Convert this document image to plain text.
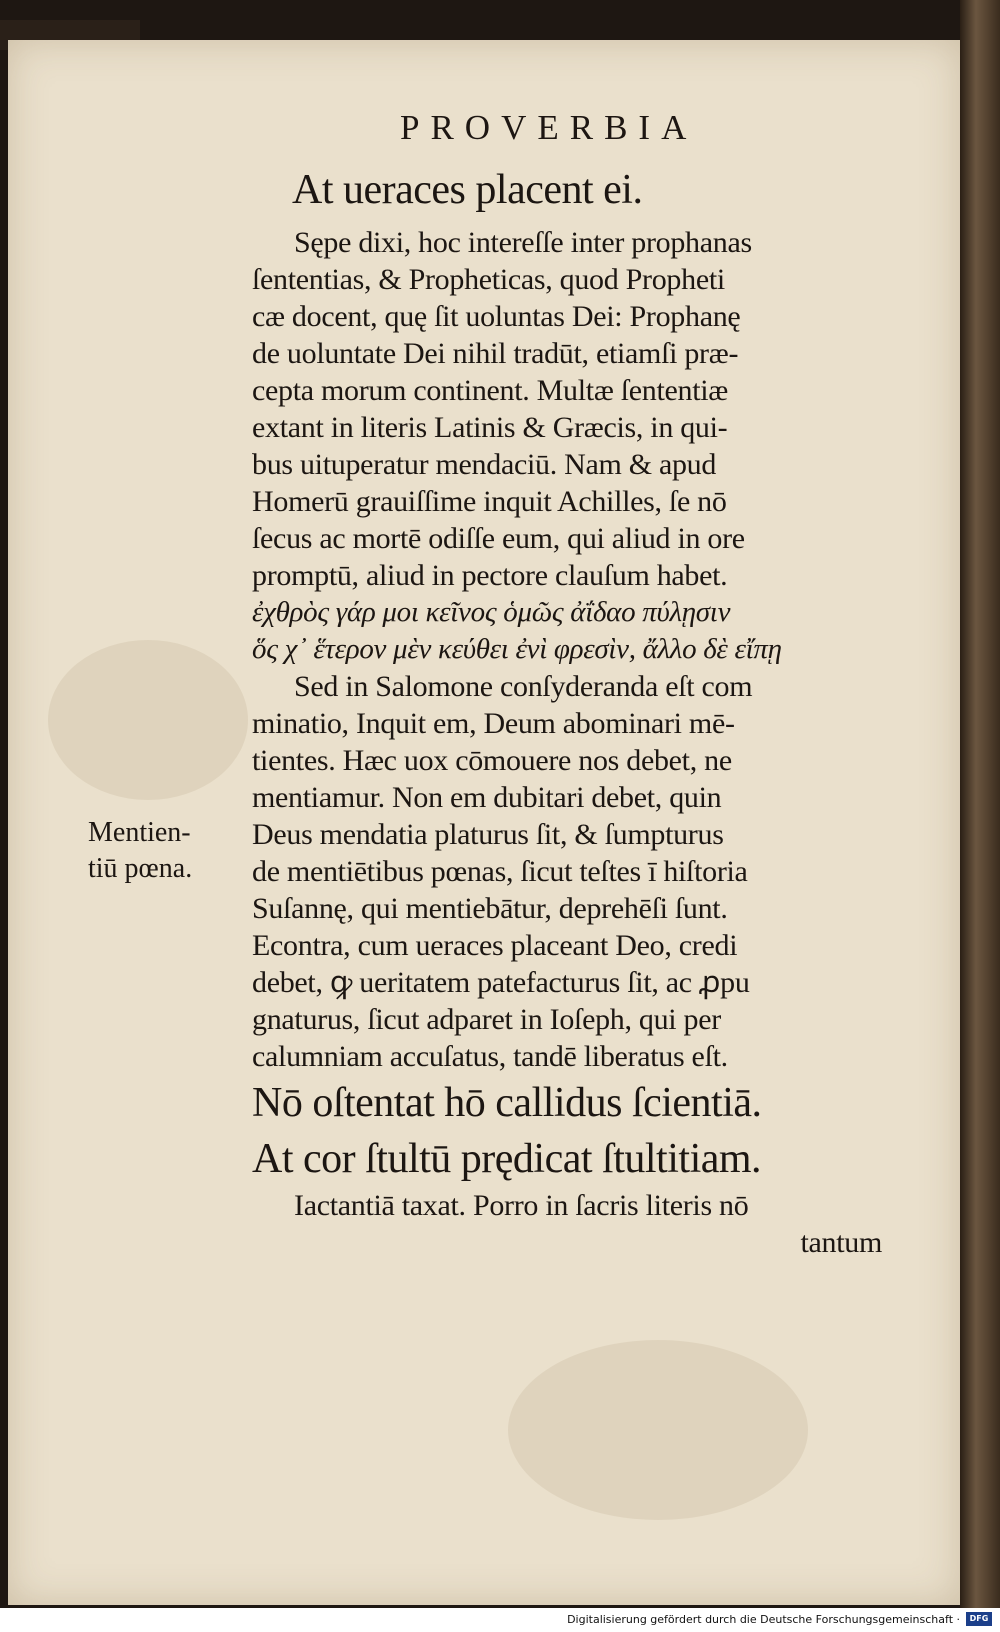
PROVERBIA
At ueraces placent ei.
Sępe dixi, hoc intereſſe inter prophanas
ſententias, & Propheticas, quod Propheti
cæ docent, quę ſit uoluntas Dei: Prophanę
de uoluntate Dei nihil tradūt, etiamſi præ-
cepta morum continent. Multæ ſententiæ
extant in literis Latinis & Græcis, in qui-
bus uituperatur mendaciū. Nam & apud
Homerū grauiſſime inquit Achilles, ſe nō
ſecus ac mortē odiſſe eum, qui aliud in ore
promptū, aliud in pectore clauſum habet.
ἐχθρὸς γάρ μοι κεῖνος ὁμῶς ἀΐδαο πύλῃσιν
ὅς χ᾽ ἕτερον μὲν κεύθει ἐνὶ φρεσὶν, ἄλλο δὲ εἴπῃ
Sed in Salomone conſyderanda eſt com
minatio, Inquit em, Deum abominari mē-
tientes. Hæc uox cōmouere nos debet, ne
mentiamur. Non em dubitari debet, quin
Deus mendatia platurus ſit, & ſumpturus
de mentiētibus pœnas, ſicut teſtes ī hiſtoria
Suſannę, qui mentiebātur, deprehēſi ſunt.
Econtra, cum ueraces placeant Deo, credi
debet, ꝙ ueritatem patefacturus ſit, ac ꝓpu
gnaturus, ſicut adparet in Ioſeph, qui per
calumniam accuſatus, tandē liberatus eſt.
Nō oſtentat hō callidus ſcientiā.
At cor ſtultū prędicat ſtultitiam.
Iactantiā taxat. Porro in ſacris literis nō
tantum
Mentien-
tiū pœna.
Digitalisierung gefördert durch die Deutsche Forschungsgemeinschaft ·	DFG
